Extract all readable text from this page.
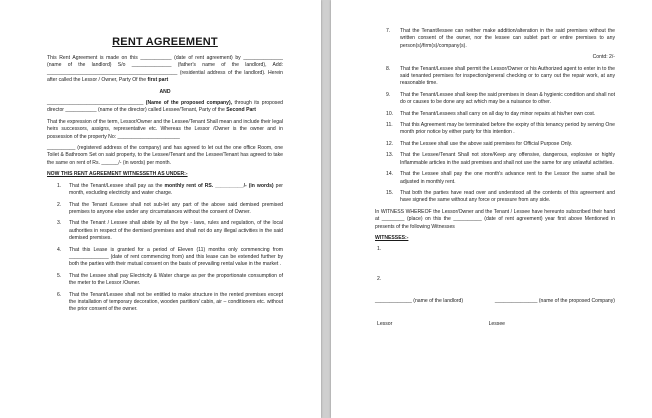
RENT AGREEMENT

This Rent Agreement is made on this ___________ (date of rent agreement) by ______________ (name of the landlord) S/o ______________ (father's name of the landlord), Add: ______________________________________________ (residential address of the landlord). Herein after called the Lessor / Owner, Party Of the first part

AND

__________________________________ (Name of the proposed company), through its proposed director ___________ (name of the director) called Lessee/Tenant, Party of the Second Part

That the expression of the term, Lessor/Owner and the Lessee/Tenant Shall mean and include their legal heirs successors, assigns, representative etc. Whereas the Lessor /Owner is the owner and in possession of the property No: ______________________

__________ (registered address of the company) and has agreed to let out the one office Room, one Toilet & Bathroom Set on said property, to the Lessee/Tenant and the Lessee/Tenant has agreed to take the same on rent of Rs. ______/- (in words) per month.

NOW THIS RENT AGREEMENT WITNESSETH AS UNDER:-
1.	That the Tenant/Lessee shall pay as the monthly rent of RS. __________/- (in words) per month, excluding electricity and water charge.
2.	That the Tenant /Lessee shall not sub-let any part of the above said demised premised premises to anyone else under any circumstances without the consent of Owner.
3.	That the Tenant / Lessee shall abide by all the bye - laws, rules and regulation, of the local authorities in respect of the demised premises and shall not do any illegal activities in the said demised premises.
4.	That this Lease is granted for a period of Eleven (11) months only commencing from ______________ (date of rent commencing from) and this lease can be extended further by both the parties with their mutual consent on the basis of prevailing rental value in the market .
5.	That the Lessee shall pay Electricity & Water charge as per the proportionate consumption of the meter to the Lessor /Owner.
6.	That the Tenant/Lessee shall not be entitled to make structure in the rented premises except the installation of temporary decoration, wooden partition/ cabin, air – conditioners etc. without the prior consent of the owner.
7.	That the Tenant/lessee can neither make addition/alteration in the said premises without the written consent of the owner, nor the lessee can sublet part or entire premises to any person(s)/firm(s)/company(s).
Contd: 2/-
8.	That the Tenant/Lessee shall permit the Lessor/Owner or his Authorized agent to enter in to the said tenanted premises for inspection/general checking or to carry out the repair work, at any reasonable time.
9.	That the Tenant/Lessee shall keep the said premises in clean & hygienic condition and shall not do or causes to be done any act which may be a nuisance to other.
10.	That the Tenant/Lessees shall carry on all day to day minor repairs at his/her own cost.
11.	That this Agreement may be terminated before the expiry of this tenancy period by serving One month prior notice by either party for this intention .
12.	That the Lessee shall use the above said premises for Official Purpose Only.
13.	That the Lessee/Tenant Shall not store/Keep any offensive, dangerous, explosive or highly Inflammable articles in the said premises and shall not use the same for any unlawful activities.
14.	That the Lessee shall pay the one month's advance rent to the Lessor the same shall be adjusted in monthly rent.
15.	That both the parties have read over and understood all the contents of this agreement and have signed the same without any force or pressure from any side.

In WITNESS WHEREOF the Lessor/Owner and the Tenant / Lessee have hereunto subscribed their hand at ________ (place) on this the __________ (date of rent agreement) year first above Mentioned in presents of the following Witnesses

WITNESSES:-
1.
2.
_____________ (name of the landlord)	_______________ (name of the proposed Company)
Lessor	Lessee
